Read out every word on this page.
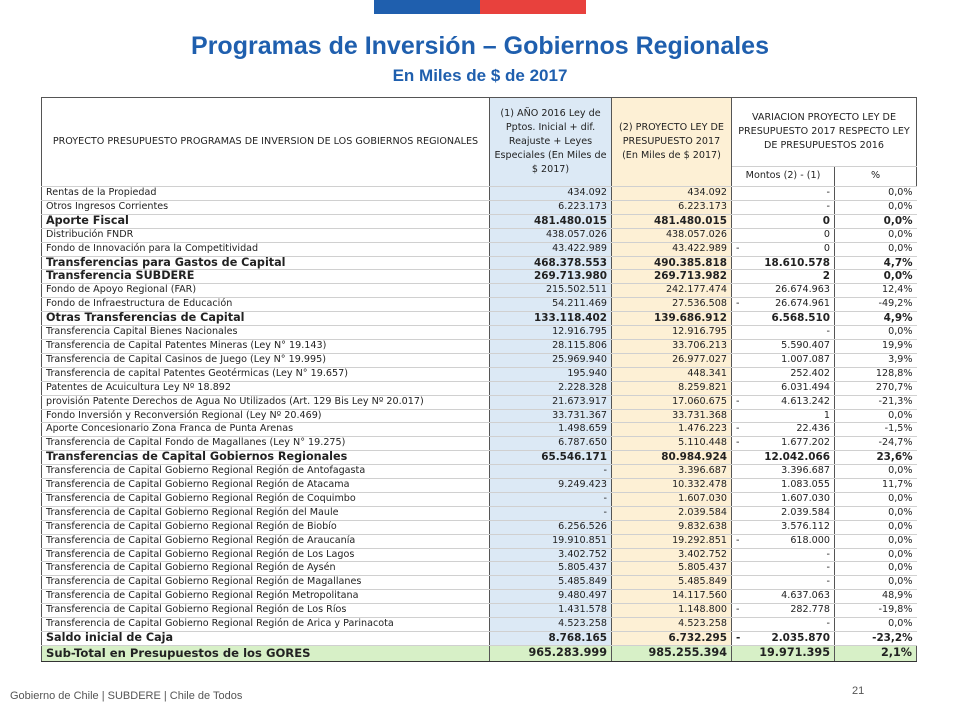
Programas de Inversión – Gobiernos Regionales
En Miles de $ de 2017
PROYECTO PRESUPUESTO PROGRAMAS DE INVERSION DE LOS GOBIERNOS REGIONALES	(1) AÑO 2016 Ley de Pptos. Inicial + dif. Reajuste + Leyes Especiales (En Miles de $ 2017)	(2) PROYECTO LEY DE PRESUPUESTO 2017 (En Miles de $ 2017)	VARIACION PROYECTO LEY DE PRESUPUESTO 2017 RESPECTO LEY DE PRESUPUESTOS 2016	
			Montos (2) - (1)	%
Rentas de la Propiedad	434.092	434.092	-	0,0%
Otros Ingresos Corrientes	6.223.173	6.223.173	-	0,0%
Aporte Fiscal	481.480.015	481.480.015	0	0,0%
Distribución FNDR	438.057.026	438.057.026	0	0,0%
Fondo de Innovación para la Competitividad	43.422.989	43.422.989	- 0	0,0%
Transferencias para Gastos de Capital	468.378.553	490.385.818	18.610.578	4,7%
Transferencia SUBDERE	269.713.980	269.713.982	2	0,0%
Fondo de Apoyo Regional (FAR)	215.502.511	242.177.474	26.674.963	12,4%
Fondo de Infraestructura de Educación	54.211.469	27.536.508	- 26.674.961	-49,2%
Otras Transferencias de Capital	133.118.402	139.686.912	6.568.510	4,9%
Transferencia Capital Bienes Nacionales	12.916.795	12.916.795	-	0,0%
Transferencia de Capital Patentes Mineras (Ley N° 19.143)	28.115.806	33.706.213	5.590.407	19,9%
Transferencia de Capital Casinos de Juego (Ley N° 19.995)	25.969.940	26.977.027	1.007.087	3,9%
Transferencia de capital Patentes Geotérmicas (Ley N° 19.657)	195.940	448.341	252.402	128,8%
Patentes de Acuicultura Ley Nº 18.892	2.228.328	8.259.821	6.031.494	270,7%
provisión Patente Derechos de Agua No Utilizados (Art. 129 Bis Ley Nº 20.017)	21.673.917	17.060.675	- 4.613.242	-21,3%
Fondo Inversión y Reconversión Regional (Ley Nº 20.469)	33.731.367	33.731.368	1	0,0%
Aporte Concesionario Zona Franca de Punta Arenas	1.498.659	1.476.223	- 22.436	-1,5%
Transferencia de Capital Fondo de Magallanes (Ley N° 19.275)	6.787.650	5.110.448	- 1.677.202	-24,7%
Transferencias de Capital Gobiernos Regionales	65.546.171	80.984.924	12.042.066	23,6%
Transferencia de Capital Gobierno Regional Región de Antofagasta	-	3.396.687	3.396.687	0,0%
Transferencia de Capital Gobierno Regional Región de Atacama	9.249.423	10.332.478	1.083.055	11,7%
Transferencia de Capital Gobierno Regional Región de Coquimbo	-	1.607.030	1.607.030	0,0%
Transferencia de Capital Gobierno Regional Región del Maule	-	2.039.584	2.039.584	0,0%
Transferencia de Capital Gobierno Regional Región de Biobío	6.256.526	9.832.638	3.576.112	0,0%
Transferencia de Capital Gobierno Regional Región de Araucanía	19.910.851	19.292.851	- 618.000	0,0%
Transferencia de Capital Gobierno Regional Región de Los Lagos	3.402.752	3.402.752	-	0,0%
Transferencia de Capital Gobierno Regional Región de Aysén	5.805.437	5.805.437	-	0,0%
Transferencia de Capital Gobierno Regional Región de Magallanes	5.485.849	5.485.849	-	0,0%
Transferencia de Capital Gobierno Regional Región Metropolitana	9.480.497	14.117.560	4.637.063	48,9%
Transferencia de Capital Gobierno Regional Región de Los Ríos	1.431.578	1.148.800	- 282.778	-19,8%
Transferencia de Capital Gobierno Regional Región de Arica y Parinacota	4.523.258	4.523.258	-	0,0%
Saldo inicial de Caja	8.768.165	6.732.295	- 2.035.870	-23,2%
Sub-Total en Presupuestos de los GORES	965.283.999	985.255.394	19.971.395	2,1%
Gobierno de Chile | SUBDERE | Chile de Todos	21
